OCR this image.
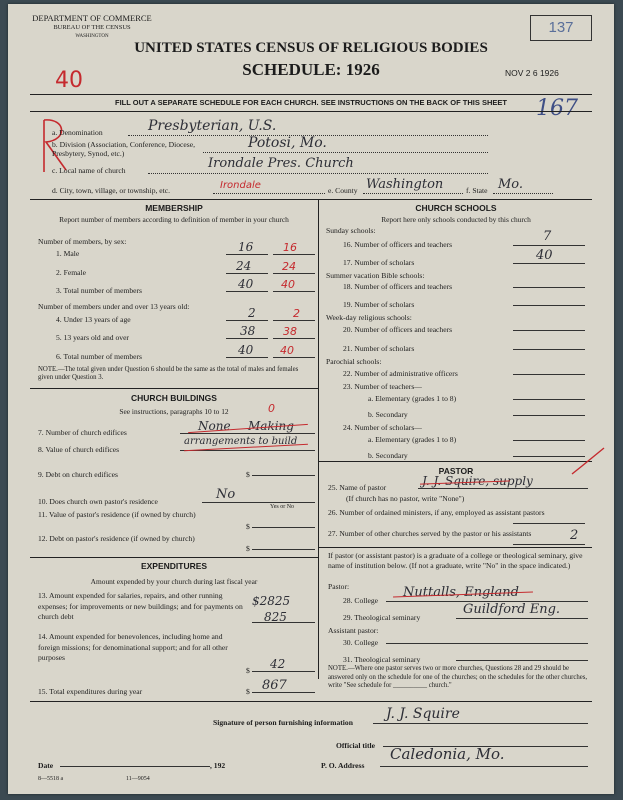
DEPARTMENT OF COMMERCE
BUREAU OF THE CENSUS
WASHINGTON
137
UNITED STATES CENSUS OF RELIGIOUS BODIES
SCHEDULE: 1926	NOV 2 6 1926
40
167
FILL OUT A SEPARATE SCHEDULE FOR EACH CHURCH. SEE INSTRUCTIONS ON THE BACK OF THIS SHEET
a. Denomination	Presbyterian, U.S.
b. Division (Association, Conference, Diocese, Presbytery, Synod, etc.)
Potosi, Mo.
c. Local name of church	Irondale Pres. Church
d. City, town, village, or township, etc.	Irondale	e. County Washington	f. State Mo.
MEMBERSHIP
Report number of members according to definition of member in your church
Number of members, by sex:
1. Male	16	16
2. Female	24	24
3. Total number of members	40	40
Number of members under and over 13 years old:
4. Under 13 years of age	2	2
5. 13 years old and over	38	38
6. Total number of members	40 40
NOTE.—The total given under Question 6 should be the same as the total of males and females given under Question 3.
CHURCH BUILDINGS
See instructions, paragraphs 10 to 12	0
7. Number of church edifices	None Making
8. Value of church edifices
arrangements to build
9. Debt on church edifices	$
10. Does church own pastor's residence	No
Yes or No
11. Value of pastor's residence (if owned by church)
$
12. Debt on pastor's residence (if owned by church)
$
EXPENDITURES
Amount expended by your church during last fiscal year
13. Amount expended for salaries, repairs, and other running expenses; for improvements or new buildings; and for payments on church debt
$2825
825
14. Amount expended for benevolences, including home and foreign missions; for denominational support; and for all other purposes
$ 42
15. Total expenditures during year	$ 867
CHURCH SCHOOLS
Report here only schools conducted by this church
Sunday schools:
16. Number of officers and teachers
7
17. Number of scholars	40
Summer vacation Bible schools:
18. Number of officers and teachers
19. Number of scholars
Week-day religious schools:
20. Number of officers and teachers
21. Number of scholars
Parochial schools:
22. Number of administrative officers
23. Number of teachers—
a. Elementary (grades 1 to 8)
b. Secondary
24. Number of scholars—
a. Elementary (grades 1 to 8)
b. Secondary
PASTOR
25. Name of pastor	J. J. Squire, supply
(If church has no pastor, write "None")
26. Number of ordained ministers, if any, employed as assistant pastors
27. Number of other churches served by the pastor or his assistants	2
If pastor (or assistant pastor) is a graduate of a college or theological seminary, give name of institution below. (If not a graduate, write "No" in the space indicated.)
Pastor:
28. College
Nuttalls, England
29. Theological seminary
Guildford Eng.
Assistant pastor:
30. College
31. Theological seminary
NOTE.—Where one pastor serves two or more churches, Questions 28 and 29 should be answered only on the schedule for one of the churches; on the schedules for the other churches, write "See schedule for __________ church."
Signature of person furnishing information
J. J. Squire
Official title
Date	, 192	P. O. Address
Caledonia, Mo.
8—5518 a	11—9054
